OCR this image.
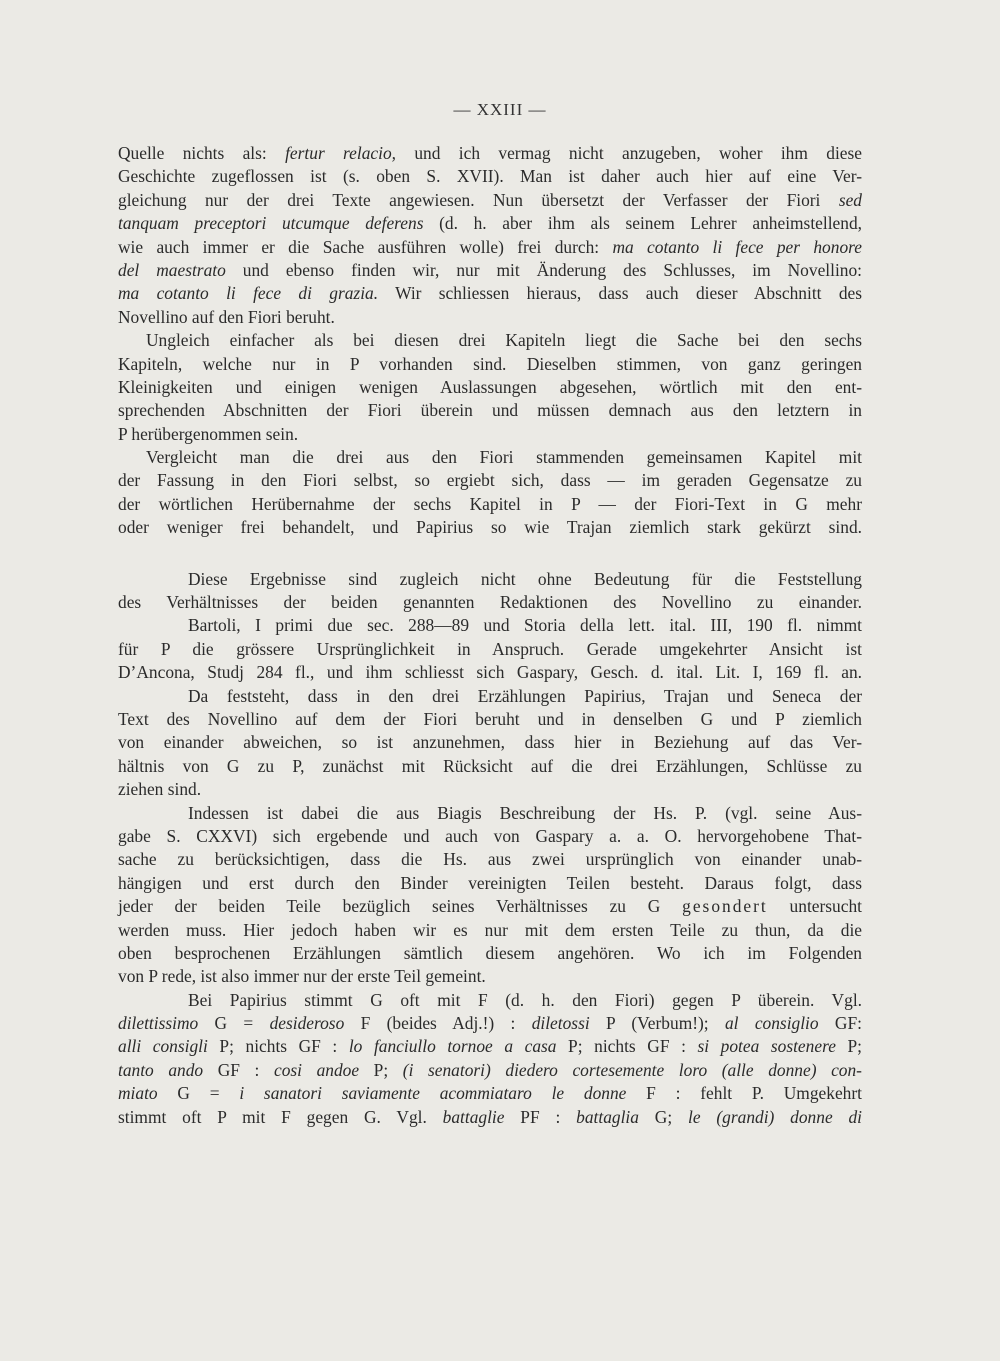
— XXIII —
Quelle nichts als: fertur relacio, und ich vermag nicht anzugeben, woher ihm diese
Geschichte zugeflossen ist (s. oben S. XVII). Man ist daher auch hier auf eine Ver-
gleichung nur der drei Texte angewiesen. Nun übersetzt der Verfasser der Fiori sed
tanquam preceptori utcumque deferens (d. h. aber ihm als seinem Lehrer anheimstellend,
wie auch immer er die Sache ausführen wolle) frei durch: ma cotanto li fece per honore
del maestrato und ebenso finden wir, nur mit Änderung des Schlusses, im Novellino:
ma cotanto li fece di grazia. Wir schliessen hieraus, dass auch dieser Abschnitt des
Novellino auf den Fiori beruht.
Ungleich einfacher als bei diesen drei Kapiteln liegt die Sache bei den sechs
Kapiteln, welche nur in P vorhanden sind. Dieselben stimmen, von ganz geringen
Kleinigkeiten und einigen wenigen Auslassungen abgesehen, wörtlich mit den ent-
sprechenden Abschnitten der Fiori überein und müssen demnach aus den letztern in
P herübergenommen sein.
Vergleicht man die drei aus den Fiori stammenden gemeinsamen Kapitel mit
der Fassung in den Fiori selbst, so ergiebt sich, dass — im geraden Gegensatze zu
der wörtlichen Herübernahme der sechs Kapitel in P — der Fiori-Text in G mehr
oder weniger frei behandelt, und Papirius so wie Trajan ziemlich stark gekürzt sind.
Diese Ergebnisse sind zugleich nicht ohne Bedeutung für die Feststellung
des Verhältnisses der beiden genannten Redaktionen des Novellino zu einander.
Bartoli, I primi due sec. 288—89 und Storia della lett. ital. III, 190 fl. nimmt
für P die grössere Ursprünglichkeit in Anspruch. Gerade umgekehrter Ansicht ist
D’Ancona, Studj 284 fl., und ihm schliesst sich Gaspary, Gesch. d. ital. Lit. I, 169 fl. an.
Da feststeht, dass in den drei Erzählungen Papirius, Trajan und Seneca der
Text des Novellino auf dem der Fiori beruht und in denselben G und P ziemlich
von einander abweichen, so ist anzunehmen, dass hier in Beziehung auf das Ver-
hältnis von G zu P, zunächst mit Rücksicht auf die drei Erzählungen, Schlüsse zu
ziehen sind.
Indessen ist dabei die aus Biagis Beschreibung der Hs. P. (vgl. seine Aus-
gabe S. CXXVI) sich ergebende und auch von Gaspary a. a. O. hervorgehobene That-
sache zu berücksichtigen, dass die Hs. aus zwei ursprünglich von einander unab-
hängigen und erst durch den Binder vereinigten Teilen besteht. Daraus folgt, dass
jeder der beiden Teile bezüglich seines Verhältnisses zu G gesondert untersucht
werden muss. Hier jedoch haben wir es nur mit dem ersten Teile zu thun, da die
oben besprochenen Erzählungen sämtlich diesem angehören. Wo ich im Folgenden
von P rede, ist also immer nur der erste Teil gemeint.
Bei Papirius stimmt G oft mit F (d. h. den Fiori) gegen P überein. Vgl.
dilettissimo G = desideroso F (beides Adj.!) : diletossi P (Verbum!); al consiglio GF:
alli consigli P; nichts GF : lo fanciullo tornoe a casa P; nichts GF : si potea sostenere P;
tanto ando GF : cosi andoe P; (i senatori) diedero cortesemente loro (alle donne) con-
miato G = i sanatori saviamente acommiataro le donne F : fehlt P. Umgekehrt
stimmt oft P mit F gegen G. Vgl. battaglie PF : battaglia G; le (grandi) donne di
